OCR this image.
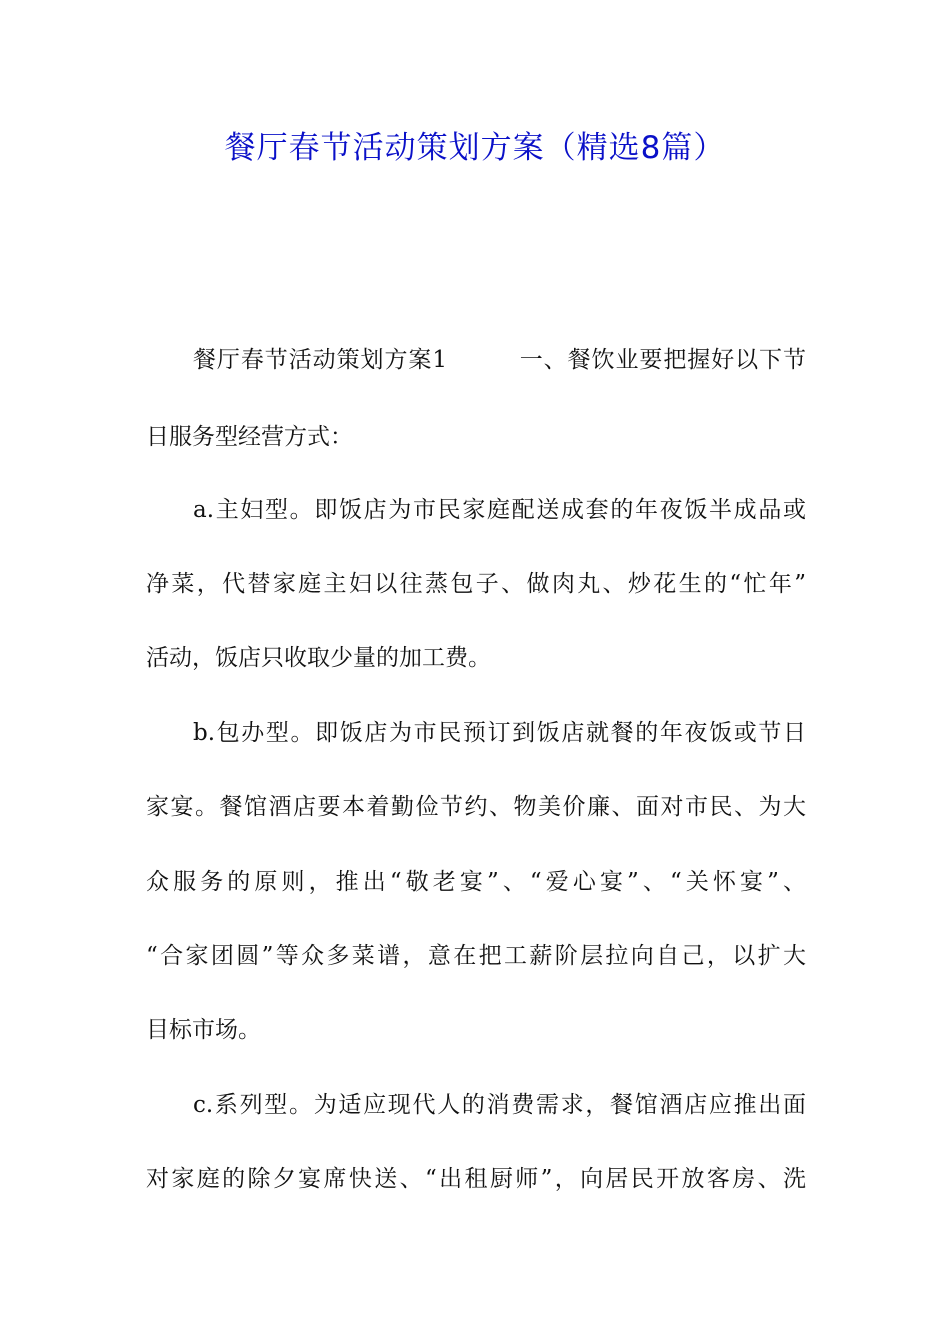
餐厅春节活动策划方案（精选8篇）
餐厅春节活动策划方案1　　　一、餐饮业要把握好以下节
日服务型经营方式：
a.主妇型。即饭店为市民家庭配送成套的年夜饭半成品或
净菜，代替家庭主妇以往蒸包子、做肉丸、炒花生的“忙年”
活动，饭店只收取少量的加工费。
b.包办型。即饭店为市民预订到饭店就餐的年夜饭或节日
家宴。餐馆酒店要本着勤俭节约、物美价廉、面对市民、为大
众服务的原则，推出“敬老宴”、“爱心宴”、“关怀宴”、
“合家团圆”等众多菜谱，意在把工薪阶层拉向自己，以扩大
目标市场。
c.系列型。为适应现代人的消费需求，餐馆酒店应推出面
对家庭的除夕宴席快送、“出租厨师”，向居民开放客房、洗
